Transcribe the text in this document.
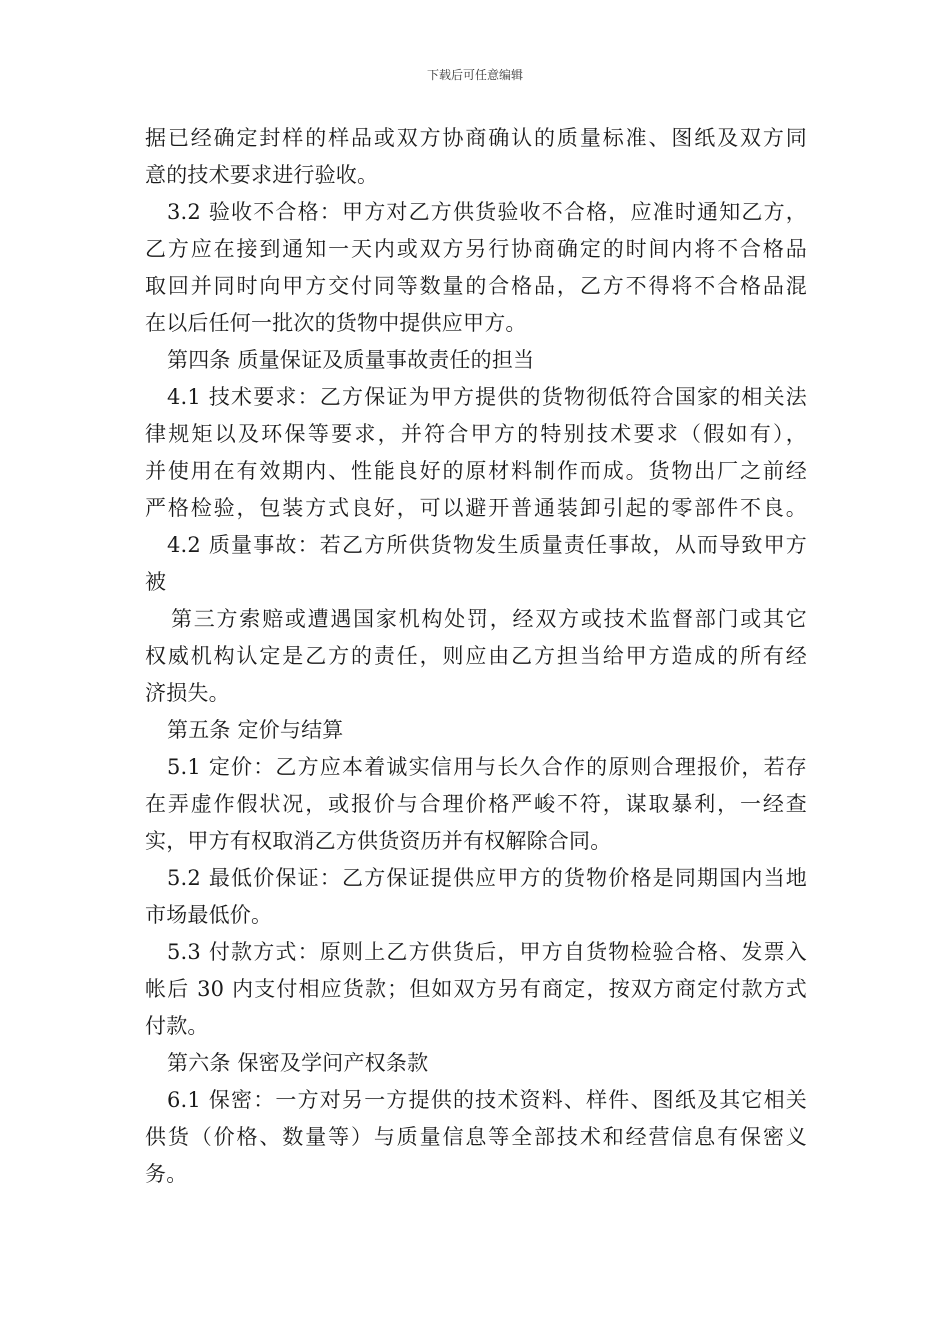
下载后可任意编辑
据已经确定封样的样品或双方协商确认的质量标准、图纸及双方同
意的技术要求进行验收。
3.2 验收不合格：甲方对乙方供货验收不合格，应准时通知乙方，
乙方应在接到通知一天内或双方另行协商确定的时间内将不合格品
取回并同时向甲方交付同等数量的合格品，乙方不得将不合格品混
在以后任何一批次的货物中提供应甲方。
第四条 质量保证及质量事故责任的担当
4.1 技术要求：乙方保证为甲方提供的货物彻低符合国家的相关法
律规矩以及环保等要求，并符合甲方的特别技术要求（假如有），
并使用在有效期内、性能良好的原材料制作而成。货物出厂之前经
严格检验，包装方式良好，可以避开普通装卸引起的零部件不良。
4.2 质量事故：若乙方所供货物发生质量责任事故，从而导致甲方
被
第三方索赔或遭遇国家机构处罚，经双方或技术监督部门或其它
权威机构认定是乙方的责任，则应由乙方担当给甲方造成的所有经
济损失。
第五条 定价与结算
5.1 定价：乙方应本着诚实信用与长久合作的原则合理报价，若存
在弄虚作假状况，或报价与合理价格严峻不符，谋取暴利，一经查
实，甲方有权取消乙方供货资历并有权解除合同。
5.2 最低价保证：乙方保证提供应甲方的货物价格是同期国内当地
市场最低价。
5.3 付款方式：原则上乙方供货后，甲方自货物检验合格、发票入
帐后 30 内支付相应货款；但如双方另有商定，按双方商定付款方式
付款。
第六条 保密及学问产权条款
6.1 保密：一方对另一方提供的技术资料、样件、图纸及其它相关
供货（价格、数量等）与质量信息等全部技术和经营信息有保密义
务。
